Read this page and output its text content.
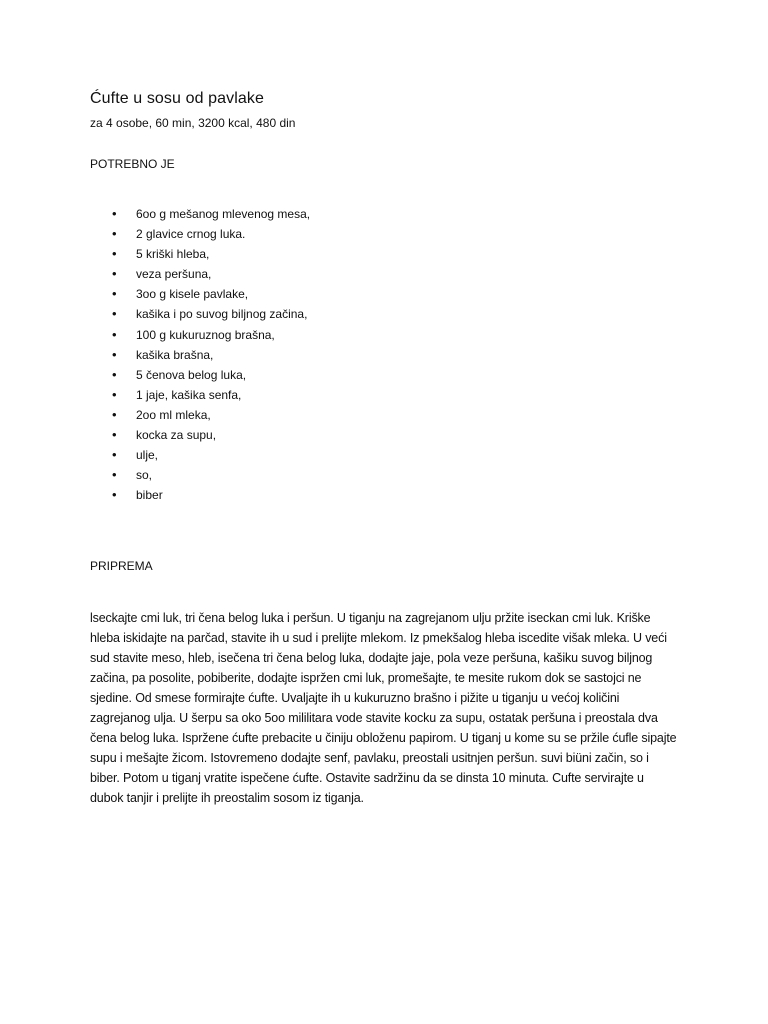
Ćufte u sosu od pavlake

za 4 osobe, 60 min, 3200 kcal, 480 din

POTREBNO JE
• 6oo g mešanog mlevenog mesa,
• 2 glavice crnog luka.
• 5 kriški hleba,
• veza peršuna,
• 3oo g kisele pavlake,
• kašika i po suvog biljnog začina,
• 100 g kukuruznog brašna,
• kašika brašna,
• 5 čenova belog luka,
• 1 jaje, kašika senfa,
• 2oo ml mleka,
• kocka za supu,
• ulje,
• so,
• biber
PRIPREMA

lseckajte cmi luk, tri čena belog luka i peršun. U tiganju na zagrejanom ulju pržite iseckan cmi luk. Kriške hleba iskidajte na parčad, stavite ih u sud i prelijte mlekom. Iz pmekšalog hleba iscedite višak mleka. U veći sud stavite meso, hleb, isečena tri čena belog luka, dodajte jaje, pola veze peršuna, kašiku suvog biljnog začina, pa posolite, pobiberite, dodajte ispržen cmi luk, promešajte, te mesite rukom dok se sastojci ne sjedine. Od smese formirajte ćufte. Uvaljajte ih u kukuruzno brašno i pižite u tiganju u većoj količini zagrejanog ulja. U šerpu sa oko 5oo mililitara vode stavite kocku za supu, ostatak peršuna i preostala dva čena belog luka. Ispržene ćufte prebacite u činiju obloženu papirom. U tiganj u kome su se pržile ćufle sipajte supu i mešajte žicom. Istovremeno dodajte senf, pavlaku, preostali usitnjen peršun. suvi biüni začin, so i biber. Potom u tiganj vratite ispečene ćufte. Ostavite sadržinu da se dinsta 10 minuta. Cufte servirajte u dubok tanjir i prelijte ih preostalim sosom iz tiganja.
